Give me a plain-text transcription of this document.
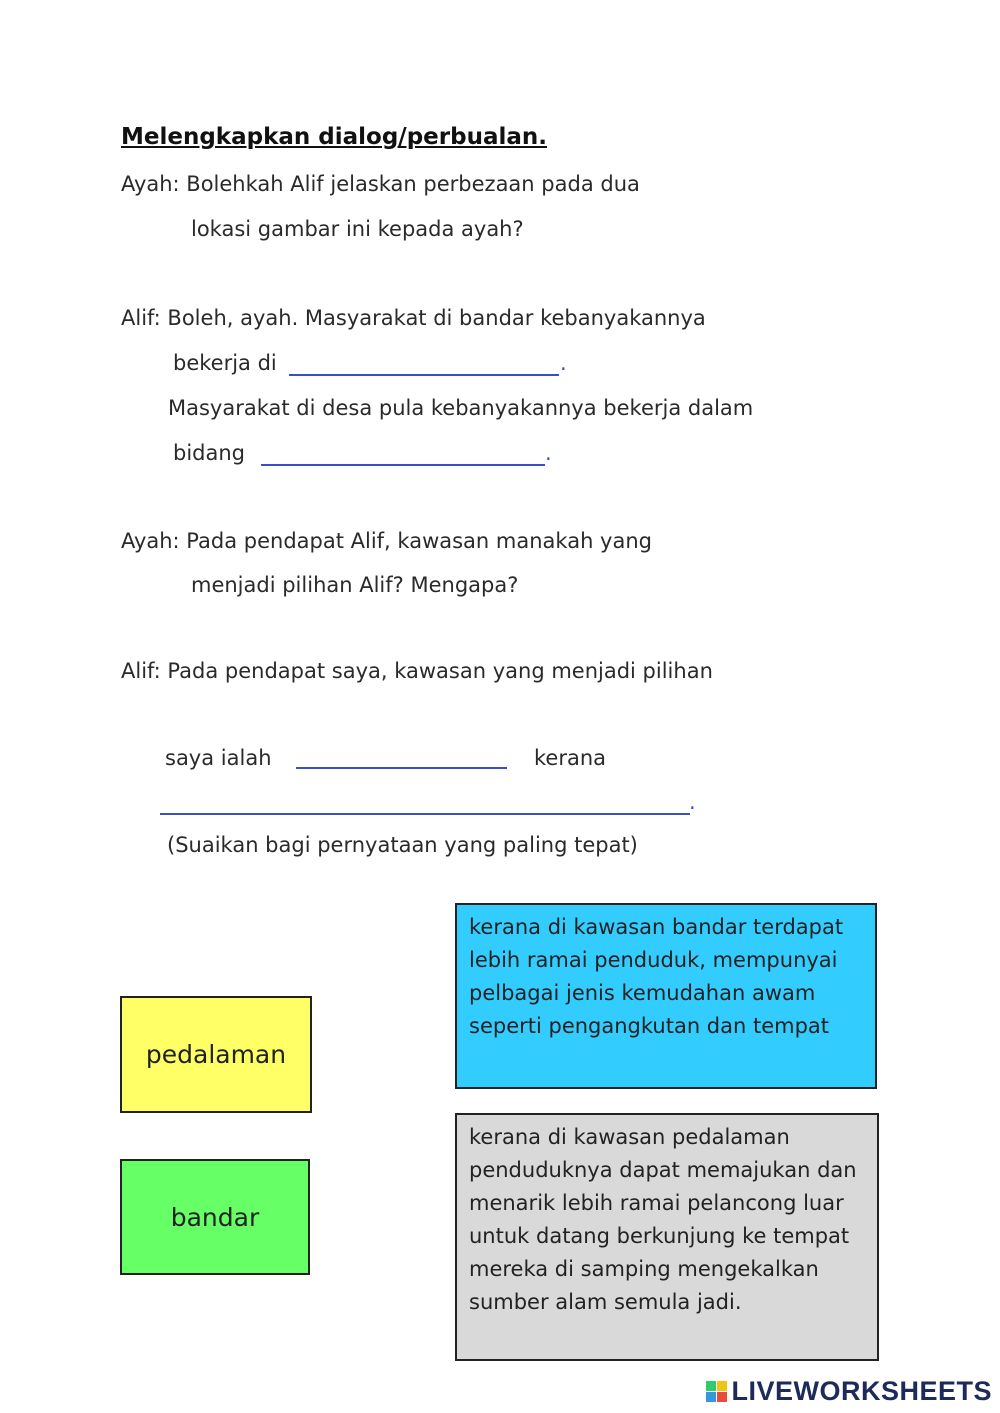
Melengkapkan dialog/perbualan.
Ayah: Bolehkah Alif jelaskan perbezaan pada dua
lokasi gambar ini kepada ayah?
Alif: Boleh, ayah. Masyarakat di bandar kebanyakannya
bekerja di	.
Masyarakat di desa pula kebanyakannya bekerja dalam
bidang	.
Ayah: Pada pendapat Alif, kawasan manakah yang
menjadi pilihan Alif? Mengapa?
Alif: Pada pendapat saya, kawasan yang menjadi pilihan
saya ialah	kerana
.
(Suaikan bagi pernyataan yang paling tepat)
pedalaman
bandar
kerana di kawasan bandar terdapat lebih ramai penduduk, mempunyai pelbagai jenis kemudahan awam seperti pengangkutan dan tempat
kerana di kawasan pedalaman penduduknya dapat memajukan dan menarik lebih ramai pelancong luar untuk datang berkunjung ke tempat mereka di samping mengekalkan sumber alam semula jadi.
LIVEWORKSHEETS
